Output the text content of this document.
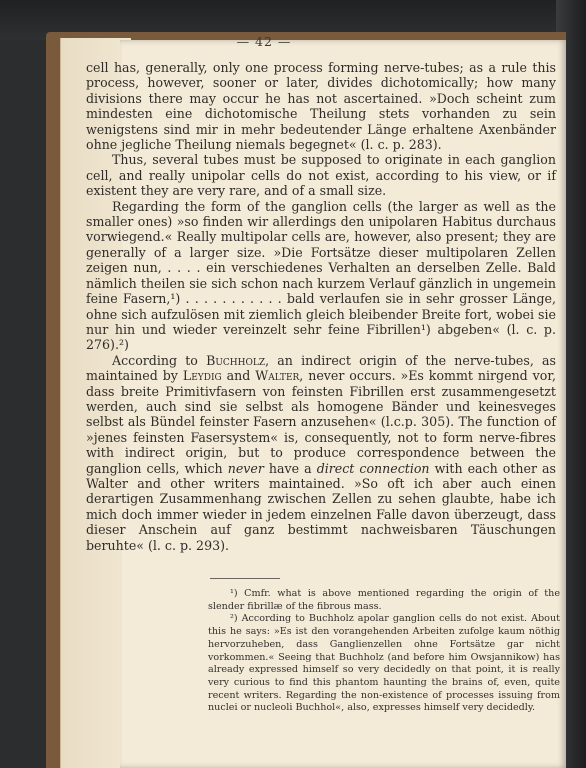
— 42 —

cell has, generally, only one process forming nerve-tubes; as a rule this process, however, sooner or later, divides dichotomically; how many divisions there may occur he has not ascertained. »Doch scheint zum mindesten eine dichotomische Theilung stets vorhanden zu sein wenigstens sind mir in mehr bedeutender Länge erhaltene Axenbänder ohne jegliche Theilung niemals begegnet« (l. c. p. 283).

Thus, several tubes must be supposed to originate in each ganglion cell, and really unipolar cells do not exist, according to his view, or if existent they are very rare, and of a small size.

Regarding the form of the ganglion cells (the larger as well as the smaller ones) »so finden wir allerdings den unipolaren Habitus durchaus vorwiegend.« Really multipolar cells are, however, also present; they are generally of a larger size. »Die Fortsätze dieser multipolaren Zellen zeigen nun, . . . . ein verschiedenes Verhalten an derselben Zelle. Bald nämlich theilen sie sich schon nach kurzem Verlauf gänzlich in ungemein feine Fasern,¹) . . . . . . . . . . . bald verlaufen sie in sehr grosser Länge, ohne sich aufzulösen mit ziemlich gleich bleibender Breite fort, wobei sie nur hin und wieder vereinzelt sehr feine Fibrillen¹) abgeben« (l. c. p. 276).²)

According to Buchholz, an indirect origin of the nerve-tubes, as maintained by Leydig and Walter, never occurs. »Es kommt nirgend vor, dass breite Primitivfasern von feinsten Fibrillen erst zusammengesetzt werden, auch sind sie selbst als homogene Bänder und keinesveges selbst als Bündel feinster Fasern anzusehen« (l.c.p. 305). The function of »jenes feinsten Fasersystem« is, consequently, not to form nerve-fibres with indirect origin, but to produce correspondence between the ganglion cells, which never have a direct connection with each other as Walter and other writers maintained. »So oft ich aber auch einen derartigen Zusammenhang zwischen Zellen zu sehen glaubte, habe ich mich doch immer wieder in jedem einzelnen Falle davon überzeugt, dass dieser Anschein auf ganz bestimmt nachweisbaren Täuschungen beruhte« (l. c. p. 293).

¹) Cmfr. what is above mentioned regarding the origin of the slender fibrillæ of the fibrous mass.

²) According to Buchholz apolar ganglion cells do not exist. About this he says: »Es ist den vorangehenden Arbeiten zufolge kaum nöthig hervorzuheben, dass Ganglienzellen ohne Fortsätze gar nicht vorkommen.« Seeing that Buchholz (and before him Owsjannikow) has already expressed himself so very decidedly on that point, it is really very curious to find this phantom haunting the brains of, even, quite recent writers. Regarding the non-existence of processes issuing from nuclei or nucleoli Buchhol«, also, expresses himself very decidedly.
